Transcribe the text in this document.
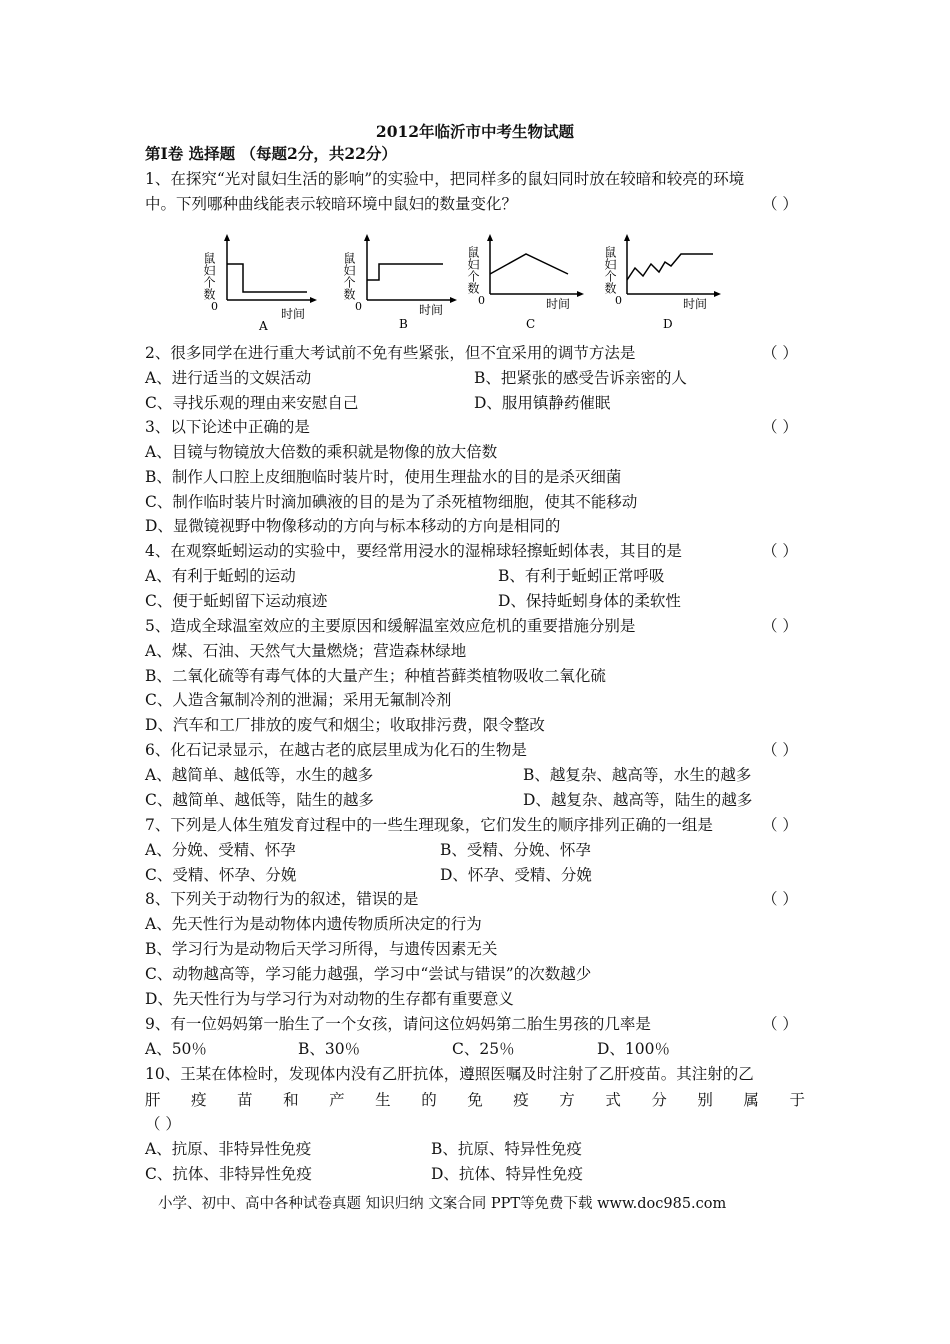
2012年临沂市中考生物试题
第Ⅰ卷 选择题 （每题2分，共22分）
1、在探究“光对鼠妇生活的影响”的实验中，把同样多的鼠妇同时放在较暗和较亮的环境
中。下列哪种曲线能表示较暗环境中鼠妇的数量变化？	（ ）
鼠妇个数
0
时间
A
鼠妇个数
0	时间
B
鼠妇个数
0	时间
C
鼠妇个数
0	时间
D
2、很多同学在进行重大考试前不免有些紧张，但不宜采用的调节方法是	（ ）
A、进行适当的文娱活动	B、把紧张的感受告诉亲密的人
C、寻找乐观的理由来安慰自己	D、服用镇静药催眠
3、以下论述中正确的是	（ ）
A、目镜与物镜放大倍数的乘积就是物像的放大倍数
B、制作人口腔上皮细胞临时装片时，使用生理盐水的目的是杀灭细菌
C、制作临时装片时滴加碘液的目的是为了杀死植物细胞，使其不能移动
D、显微镜视野中物像移动的方向与标本移动的方向是相同的
4、在观察蚯蚓运动的实验中，要经常用浸水的湿棉球轻擦蚯蚓体表，其目的是	（ ）
A、有利于蚯蚓的运动	B、有利于蚯蚓正常呼吸
C、便于蚯蚓留下运动痕迹	D、保持蚯蚓身体的柔软性
5、造成全球温室效应的主要原因和缓解温室效应危机的重要措施分别是	（ ）
A、煤、石油、天然气大量燃烧；营造森林绿地
B、二氧化硫等有毒气体的大量产生；种植苔藓类植物吸收二氧化硫
C、人造含氟制冷剂的泄漏；采用无氟制冷剂
D、汽车和工厂排放的废气和烟尘；收取排污费，限令整改
6、化石记录显示，在越古老的底层里成为化石的生物是	（ ）
A、越简单、越低等，水生的越多	B、越复杂、越高等，水生的越多
C、越简单、越低等，陆生的越多	D、越复杂、越高等，陆生的越多
7、下列是人体生殖发育过程中的一些生理现象，它们发生的顺序排列正确的一组是	（ ）
A、分娩、受精、怀孕	B、受精、分娩、怀孕
C、受精、怀孕、分娩	D、怀孕、受精、分娩
8、下列关于动物行为的叙述，错误的是	（ ）
A、先天性行为是动物体内遗传物质所决定的行为
B、学习行为是动物后天学习所得，与遗传因素无关
C、动物越高等，学习能力越强，学习中“尝试与错误”的次数越少
D、先天性行为与学习行为对动物的生存都有重要意义
9、有一位妈妈第一胎生了一个女孩，请问这位妈妈第二胎生男孩的几率是	（ ）
A、50％	B、30％	C、25％	D、100％
10、王某在体检时，发现体内没有乙肝抗体，遵照医嘱及时注射了乙肝疫苗。其注射的乙
肝 疫 苗 和 产 生 的 免 疫 方 式 分 别 属 于
（ ）
A、抗原、非特异性免疫	B、抗原、特异性免疫
C、抗体、非特异性免疫	D、抗体、特异性免疫
小学、初中、高中各种试卷真题 知识归纳 文案合同 PPT等免费下载 www.doc985.com
